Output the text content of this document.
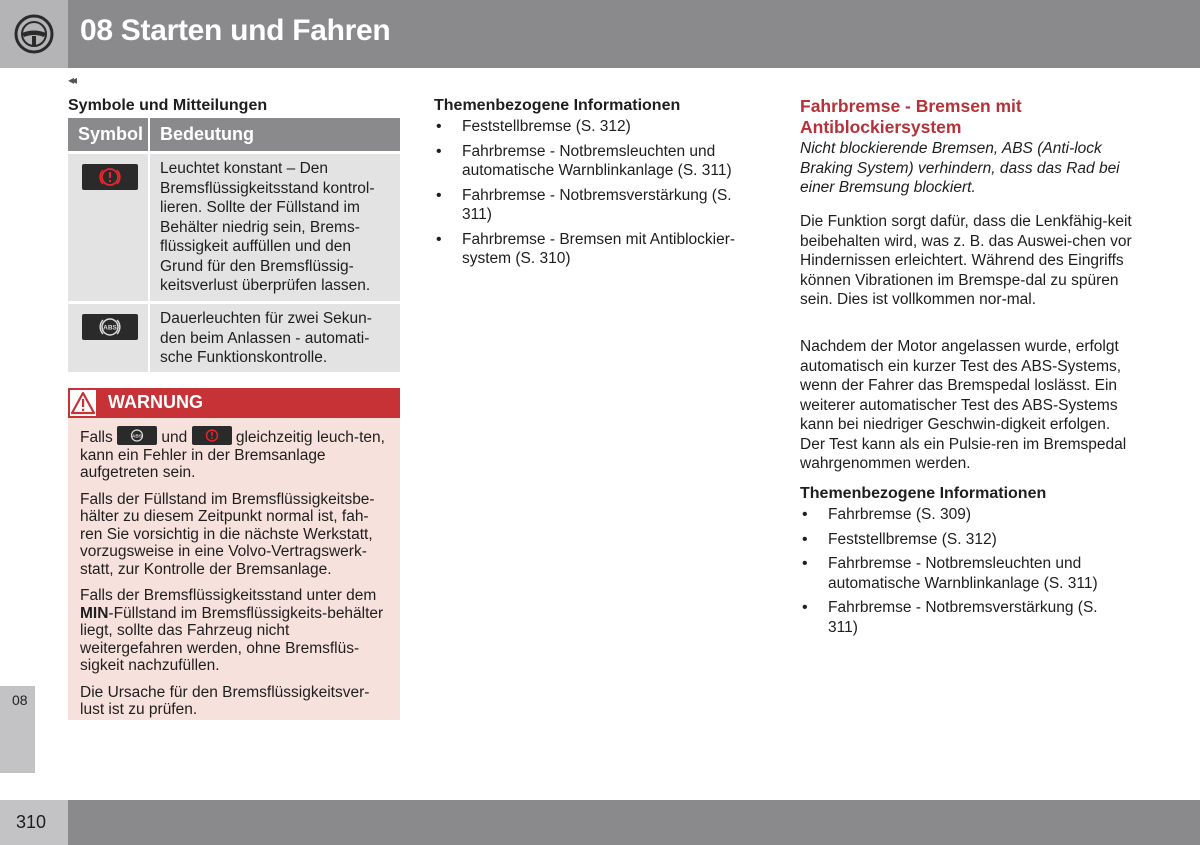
08 Starten und Fahren
◂◂
08
310
Symbole und Mitteilungen
Symbol Bedeutung
Leuchtet konstant – Den Bremsflüssigkeitsstand kontrol-lieren. Sollte der Füllstand im Behälter niedrig sein, Brems-flüssigkeit auffüllen und den Grund für den Bremsflüssig-keitsverlust überprüfen lassen.
ABS
Dauerleuchten für zwei Sekun-den beim Anlassen - automati-sche Funktionskontrolle.
WARNUNG

Falls	ABS und	gleichzeitig leuch-ten, kann ein Fehler in der Bremsanlage aufgetreten sein.

Falls der Füllstand im Bremsflüssigkeitsbe-hälter zu diesem Zeitpunkt normal ist, fah-ren Sie vorsichtig in die nächste Werkstatt, vorzugsweise in eine Volvo-Vertragswerk-statt, zur Kontrolle der Bremsanlage.

Falls der Bremsflüssigkeitsstand unter dem MIN-Füllstand im Bremsflüssigkeits-behälter liegt, sollte das Fahrzeug nicht weitergefahren werden, ohne Bremsflüs-sigkeit nachzufüllen.

Die Ursache für den Bremsflüssigkeitsver-lust ist zu prüfen.

Themenbezogene Informationen
• Feststellbremse (S. 312)
• Fahrbremse - Notbremsleuchten und automatische Warnblinkanlage (S. 311)
• Fahrbremse - Notbremsverstärkung (S. 311)
• Fahrbremse - Bremsen mit Antiblockier-system (S. 310)
Fahrbremse - Bremsen mit Antiblockiersystem
Nicht blockierende Bremsen, ABS (Anti-lock Braking System) verhindern, dass das Rad bei einer Bremsung blockiert.
Die Funktion sorgt dafür, dass die Lenkfähig-keit beibehalten wird, was z. B. das Auswei-chen vor Hindernissen erleichtert. Während des Eingriffs können Vibrationen im Bremspe-dal zu spüren sein. Dies ist vollkommen nor-mal.
Nachdem der Motor angelassen wurde, erfolgt automatisch ein kurzer Test des ABS-Systems, wenn der Fahrer das Bremspedal loslässt. Ein weiterer automatischer Test des ABS-Systems kann bei niedriger Geschwin-digkeit erfolgen. Der Test kann als ein Pulsie-ren im Bremspedal wahrgenommen werden.
Themenbezogene Informationen
• Fahrbremse (S. 309)
• Feststellbremse (S. 312)
• Fahrbremse - Notbremsleuchten und automatische Warnblinkanlage (S. 311)
• Fahrbremse - Notbremsverstärkung (S. 311)
